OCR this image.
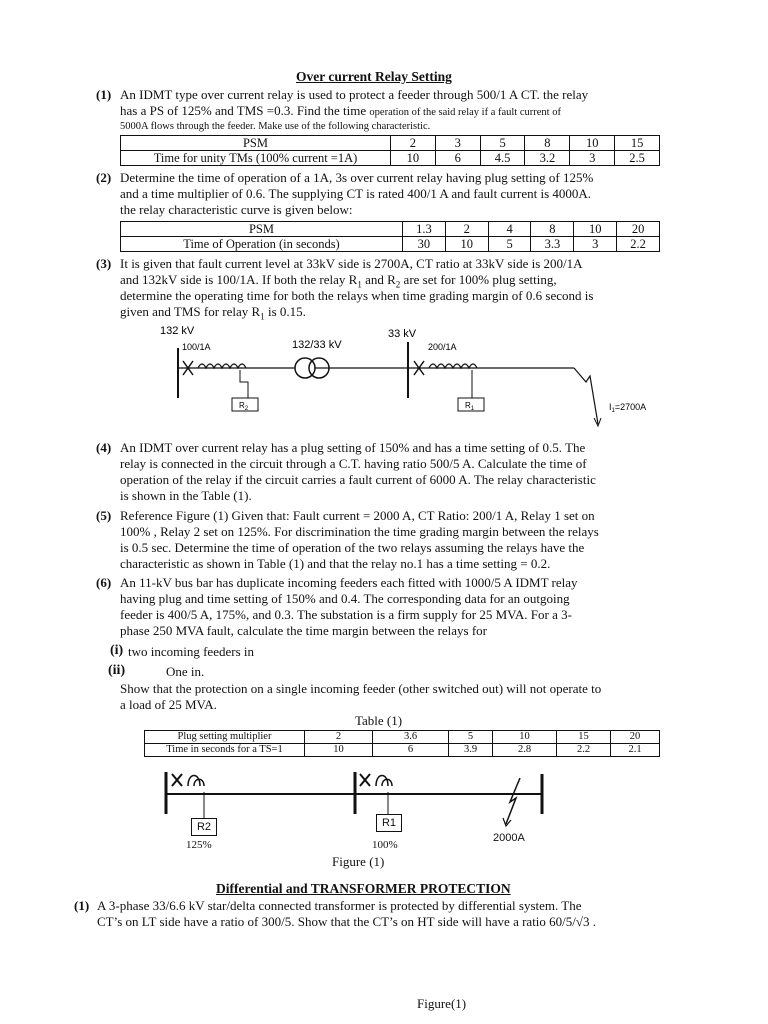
Over current Relay Setting
(1) An IDMT type over current relay is used to protect a feeder through 500/1 A CT. the relay
has a PS of 125% and TMS =0.3. Find the time operation of the said relay if a fault current of
5000A flows through the feeder. Make use of the following characteristic.
PSM	2	3	5	8	10	15
Time for unity TMs (100% current =1A)	10	6	4.5	3.2	3	2.5
(2) Determine the time of operation of a 1A, 3s over current relay having plug setting of 125%
and a time multiplier of 0.6. The supplying CT is rated 400/1 A and fault current is 4000A.
the relay characteristic curve is given below:
PSM	1.3	2	4	8	10	20
Time of Operation (in seconds)	30	10	5	3.3	3	2.2
(3) It is given that fault current level at 33kV side is 2700A, CT ratio at 33kV side is 200/1A
and 132kV side is 100/1A. If both the relay $R_1$ and $R_2$ are set for 100% plug setting,
determine the operating time for both the relays when time grading margin of 0.6 second is
given and TMS for relay $R_1$ is 0.15.
132 kV
100/1A	132/33 kV
33 kV
200/1A
$R_2$	$R_1$	$I_1=2700A$
(4) An IDMT over current relay has a plug setting of 150% and has a time setting of 0.5. The
relay is connected in the circuit through a C.T. having ratio 500/5 A. Calculate the time of
operation of the relay if the circuit carries a fault current of 6000 A. The relay characteristic
is shown in the Table (1).
(5) Reference Figure (1) Given that: Fault current = 2000 A, CT Ratio: 200/1 A, Relay 1 set on
100% , Relay 2 set on 125%. For discrimination the time grading margin between the relays
is 0.5 sec. Determine the time of operation of the two relays assuming the relays have the
characteristic as shown in Table (1) and that the relay no.1 has a time setting = 0.2.
(6) An 11-kV bus bar has duplicate incoming feeders each fitted with 1000/5 A IDMT relay
having plug and time setting of 150% and 0.4. The corresponding data for an outgoing
feeder is 400/5 A, 175%, and 0.3. The substation is a firm supply for 25 MVA. For a 3-
phase 250 MVA fault, calculate the time margin between the relays for
(i) two incoming feeders in
(ii)	One in.
Show that the protection on a single incoming feeder (other switched out) will not operate to
a load of 25 MVA.
Table (1)
Plug setting multiplier	2	3.6	5	10	15	20
Time in seconds for a TS=1	10	6	3.9	2.8	2.2	2.1
R2
125%
R1
100%
2000A
Figure (1)
Differential and TRANSFORMER PROTECTION
(1) A 3-phase 33/6.6 kV star/delta connected transformer is protected by differential system. The
CT’s on LT side have a ratio of 300/5. Show that the CT’s on HT side will have a ratio 60/5/√3 .
Figure(1)
